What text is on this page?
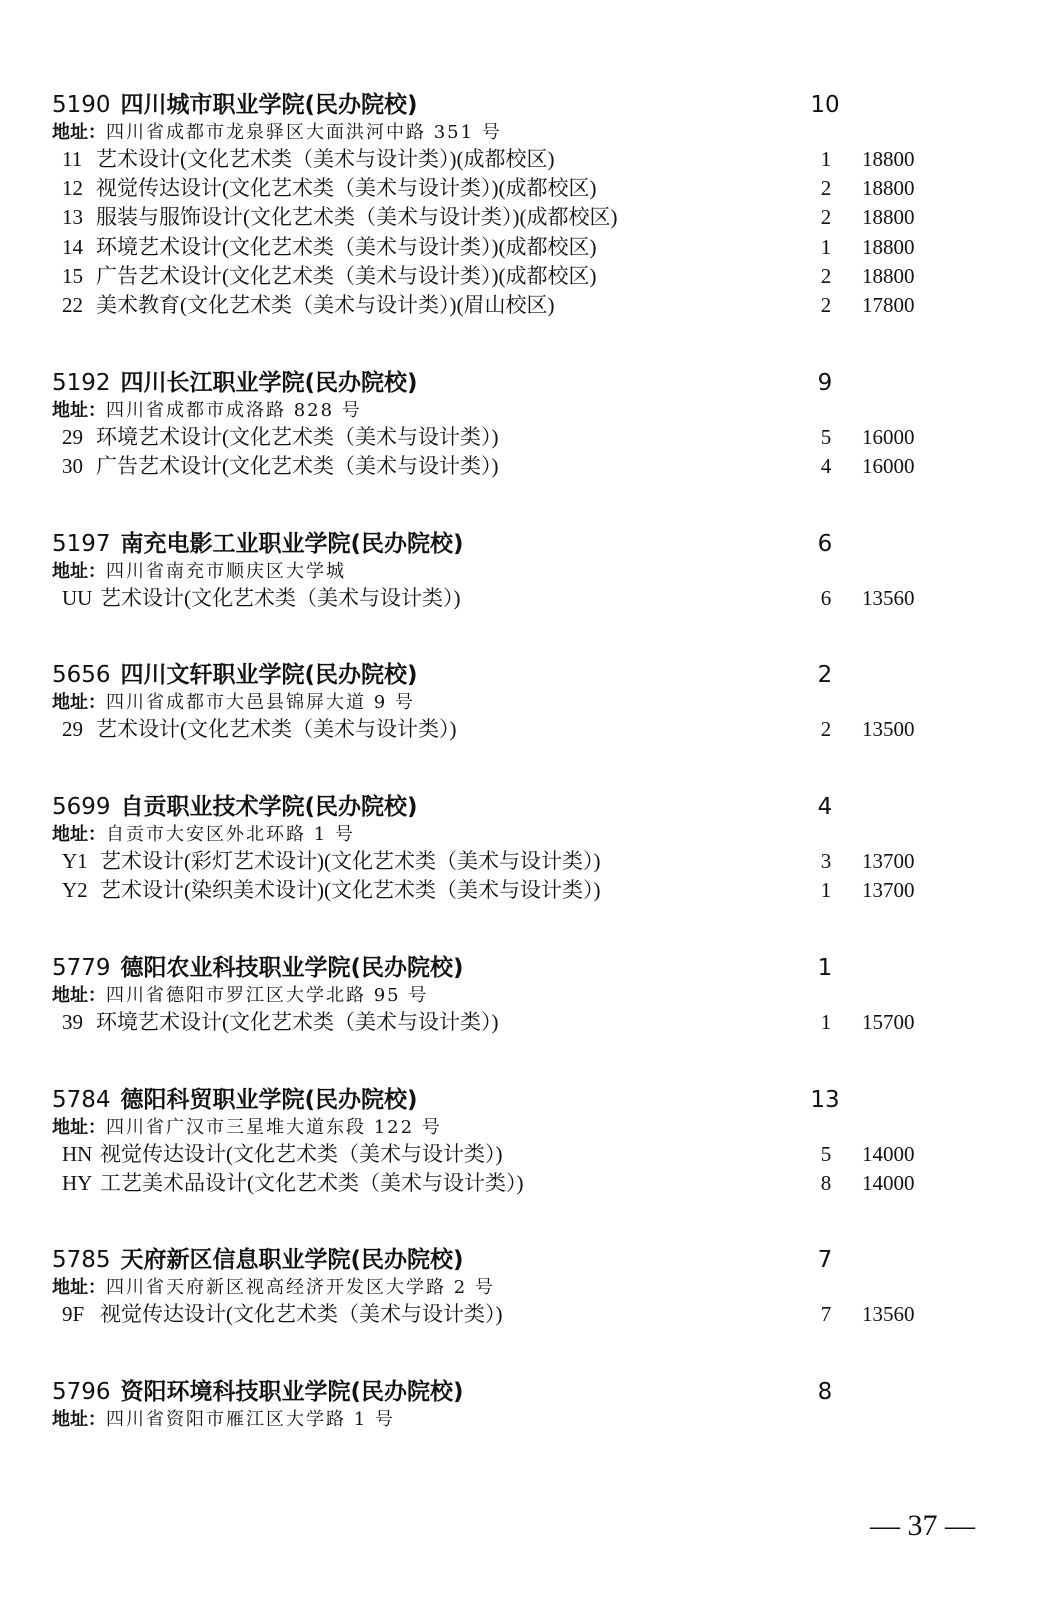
5190 四川城市职业学院(民办院校)	10
地址：四川省成都市龙泉驿区大面洪河中路 351 号
11 艺术设计(文化艺术类（美术与设计类）)(成都校区)	1	18800
12 视觉传达设计(文化艺术类（美术与设计类）)(成都校区)	2	18800
13 服装与服饰设计(文化艺术类（美术与设计类）)(成都校区)	2	18800
14 环境艺术设计(文化艺术类（美术与设计类）)(成都校区)	1	18800
15 广告艺术设计(文化艺术类（美术与设计类）)(成都校区)	2	18800
22 美术教育(文化艺术类（美术与设计类）)(眉山校区)	2	17800
5192 四川长江职业学院(民办院校)	9
地址：四川省成都市成洛路 828 号
29 环境艺术设计(文化艺术类（美术与设计类）)	5	16000
30 广告艺术设计(文化艺术类（美术与设计类）)	4	16000
5197 南充电影工业职业学院(民办院校)	6
地址：四川省南充市顺庆区大学城
UU 艺术设计(文化艺术类（美术与设计类）)	6	13560
5656 四川文轩职业学院(民办院校)	2
地址：四川省成都市大邑县锦屏大道 9 号
29 艺术设计(文化艺术类（美术与设计类）)	2	13500
5699 自贡职业技术学院(民办院校)	4
地址：自贡市大安区外北环路 1 号
Y1 艺术设计(彩灯艺术设计)(文化艺术类（美术与设计类）)	3	13700
Y2 艺术设计(染织美术设计)(文化艺术类（美术与设计类）)	1	13700
5779 德阳农业科技职业学院(民办院校)	1
地址：四川省德阳市罗江区大学北路 95 号
39 环境艺术设计(文化艺术类（美术与设计类）)	1	15700
5784 德阳科贸职业学院(民办院校)	13
地址：四川省广汉市三星堆大道东段 122 号
HN 视觉传达设计(文化艺术类（美术与设计类）)	5	14000
HY 工艺美术品设计(文化艺术类（美术与设计类）)	8	14000
5785 天府新区信息职业学院(民办院校)	7
地址：四川省天府新区视高经济开发区大学路 2 号
9F 视觉传达设计(文化艺术类（美术与设计类）)	7	13560
5796 资阳环境科技职业学院(民办院校)	8
地址：四川省资阳市雁江区大学路 1 号
— 37 —
